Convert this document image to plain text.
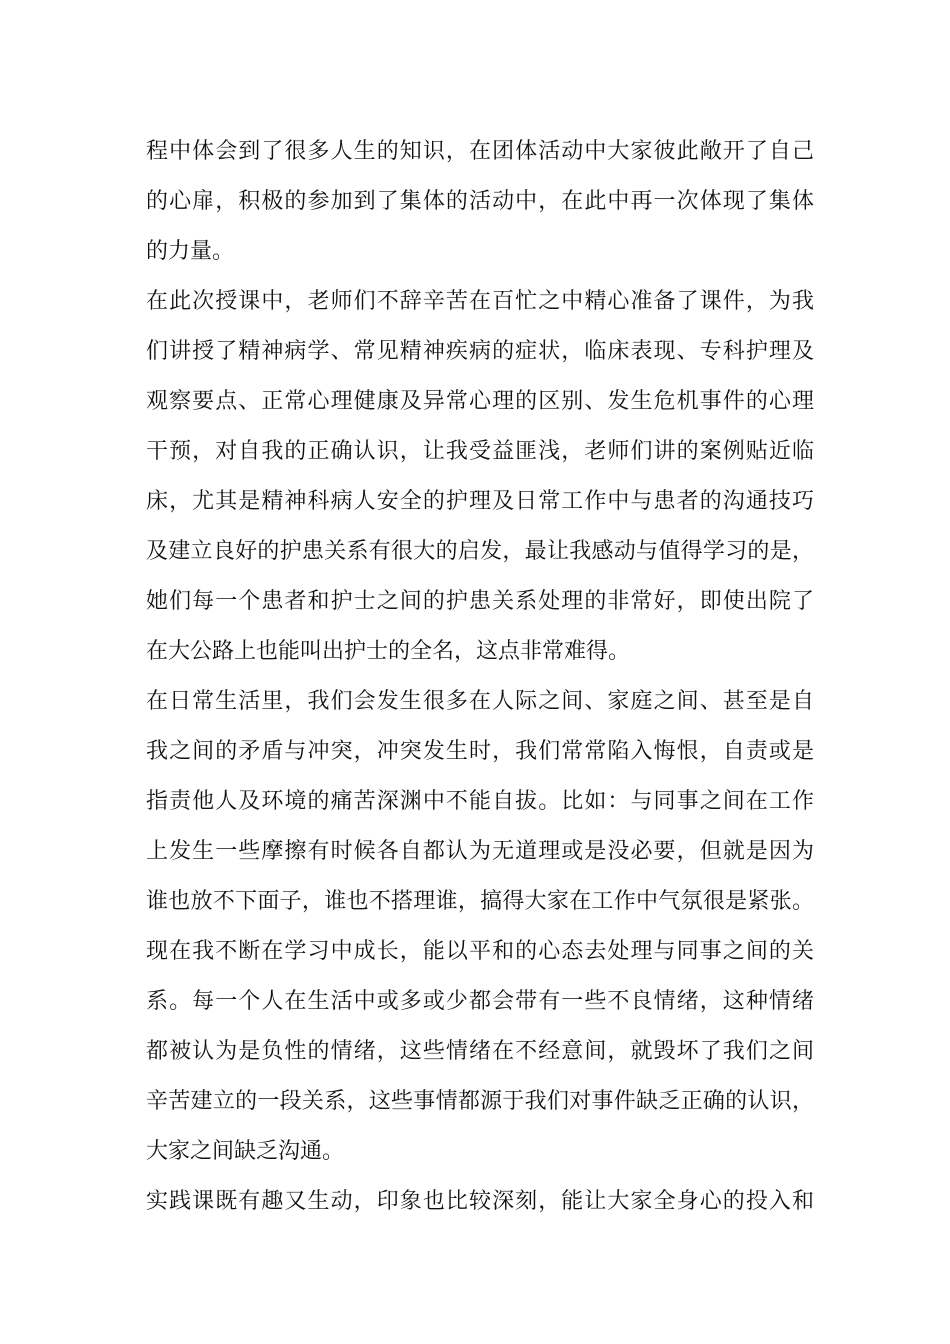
程中体会到了很多人生的知识，在团体活动中大家彼此敞开了自己
的心扉，积极的参加到了集体的活动中，在此中再一次体现了集体
的力量。
在此次授课中，老师们不辞辛苦在百忙之中精心准备了课件，为我
们讲授了精神病学、常见精神疾病的症状，临床表现、专科护理及
观察要点、正常心理健康及异常心理的区别、发生危机事件的心理
干预，对自我的正确认识，让我受益匪浅，老师们讲的案例贴近临
床，尤其是精神科病人安全的护理及日常工作中与患者的沟通技巧
及建立良好的护患关系有很大的启发，最让我感动与值得学习的是，
她们每一个患者和护士之间的护患关系处理的非常好，即使出院了
在大公路上也能叫出护士的全名，这点非常难得。
在日常生活里，我们会发生很多在人际之间、家庭之间、甚至是自
我之间的矛盾与冲突，冲突发生时，我们常常陷入悔恨，自责或是
指责他人及环境的痛苦深渊中不能自拔。比如：与同事之间在工作
上发生一些摩擦有时候各自都认为无道理或是没必要，但就是因为
谁也放不下面子，谁也不搭理谁，搞得大家在工作中气氛很是紧张。
现在我不断在学习中成长，能以平和的心态去处理与同事之间的关
系。每一个人在生活中或多或少都会带有一些不良情绪，这种情绪
都被认为是负性的情绪，这些情绪在不经意间，就毁坏了我们之间
辛苦建立的一段关系，这些事情都源于我们对事件缺乏正确的认识，
大家之间缺乏沟通。
实践课既有趣又生动，印象也比较深刻，能让大家全身心的投入和
